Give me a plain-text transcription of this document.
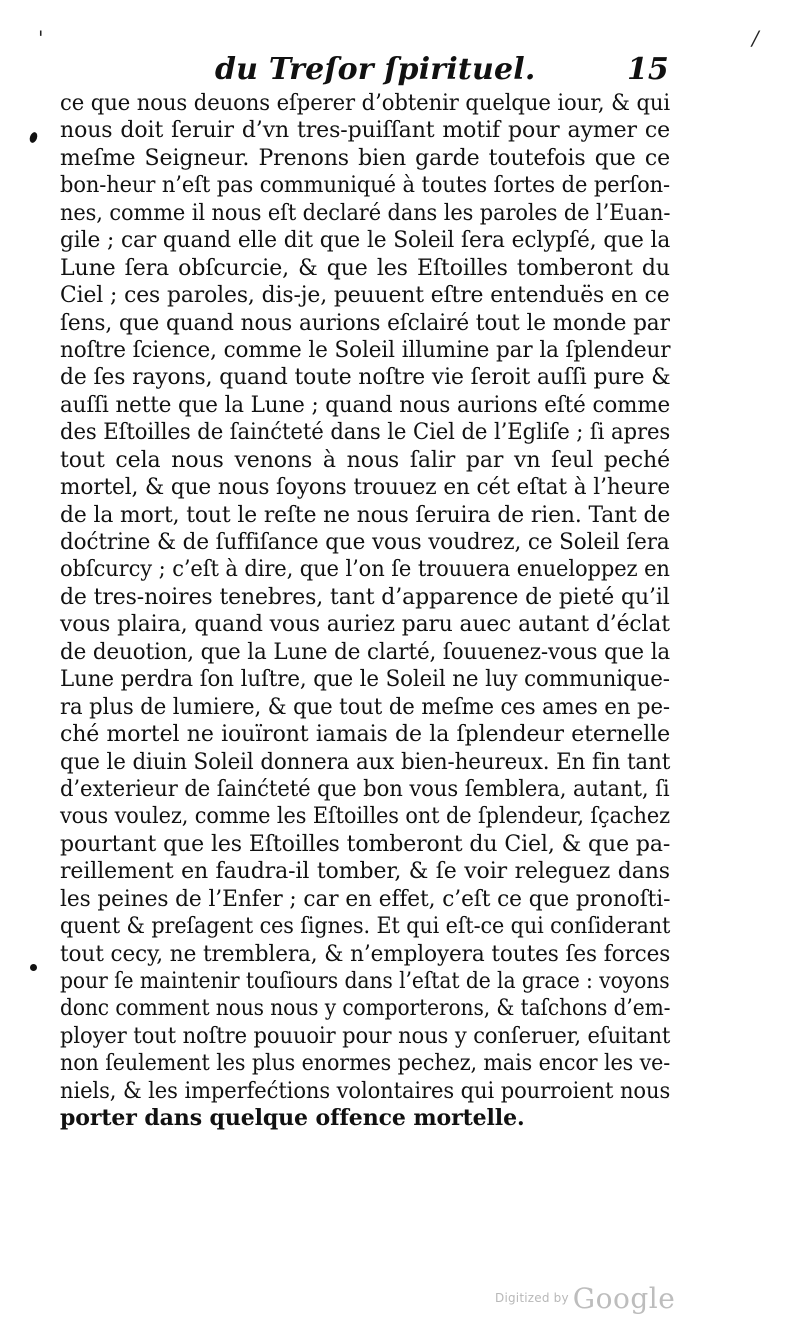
'	/
du Treſor ſpirituel.	15
ce que nous deuons eſperer d’obtenir quelque iour, & qui
nous doit ſeruir d’vn tres-puiſſant motif pour aymer ce
meſme Seigneur. Prenons bien garde toutefois que ce
bon-heur n’eſt pas communiqué à toutes ſortes de perſon-
nes, comme il nous eſt declaré dans les paroles de l’Euan-
gile ; car quand elle dit que le Soleil ſera eclypſé, que la
Lune ſera obſcurcie, & que les Eſtoilles tomberont du
Ciel ; ces paroles, dis-je, peuuent eſtre entenduës en ce
ſens, que quand nous aurions eſclairé tout le monde par
noſtre ſcience, comme le Soleil illumine par la ſplendeur
de ſes rayons, quand toute noſtre vie ſeroit auſſi pure &
auſſi nette que la Lune ; quand nous aurions eſté comme
des Eſtoilles de ſainćteté dans le Ciel de l’Egliſe ; ſi apres
tout cela nous venons à nous ſalir par vn ſeul peché
mortel, & que nous ſoyons trouuez en cét eſtat à l’heure
de la mort, tout le reſte ne nous ſeruira de rien. Tant de
doćtrine & de ſuffiſance que vous voudrez, ce Soleil ſera
obſcurcy ; c’eſt à dire, que l’on ſe trouuera enueloppez en
de tres-noires tenebres, tant d’apparence de pieté qu’il
vous plaira, quand vous auriez paru auec autant d’éclat
de deuotion, que la Lune de clarté, ſouuenez-vous que la
Lune perdra ſon luſtre, que le Soleil ne luy communique-
ra plus de lumiere, & que tout de meſme ces ames en pe-
ché mortel ne iouïront iamais de la ſplendeur eternelle
que le diuin Soleil donnera aux bien-heureux. En fin tant
d’exterieur de ſainćteté que bon vous ſemblera, autant, ſi
vous voulez, comme les Eſtoilles ont de ſplendeur, ſçachez
pourtant que les Eſtoilles tomberont du Ciel, & que pa-
reillement en faudra-il tomber, & ſe voir releguez dans
les peines de l’Enfer ; car en effet, c’eſt ce que pronoſti-
quent & preſagent ces ſignes. Et qui eſt-ce qui conſiderant
tout cecy, ne tremblera, & n’employera toutes ſes forces
pour ſe maintenir touſiours dans l’eſtat de la grace : voyons
donc comment nous nous y comporterons, & taſchons d’em-
ployer tout noſtre pouuoir pour nous y conſeruer, eſuitant
non ſeulement les plus enormes pechez, mais encor les ve-
niels, & les imperfećtions volontaires qui pourroient nous
porter dans quelque offence mortelle.
Digitized by Google
